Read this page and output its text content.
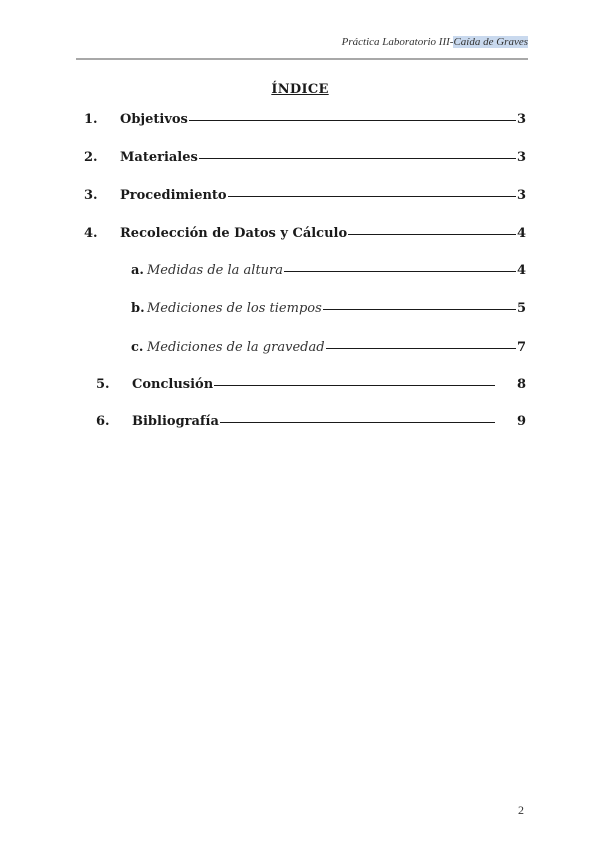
Práctica Laboratorio III-Caída de Graves
ÍNDICE
1.	Objetivos	3
2.	Materiales	3
3.	Procedimiento	3
4.	Recolección de Datos y Cálculo	4
a. Medidas de la altura	4
b. Mediciones de los tiempos	5
c. Mediciones de la gravedad	7
5.	Conclusión	8
6.	Bibliografía	9
2
